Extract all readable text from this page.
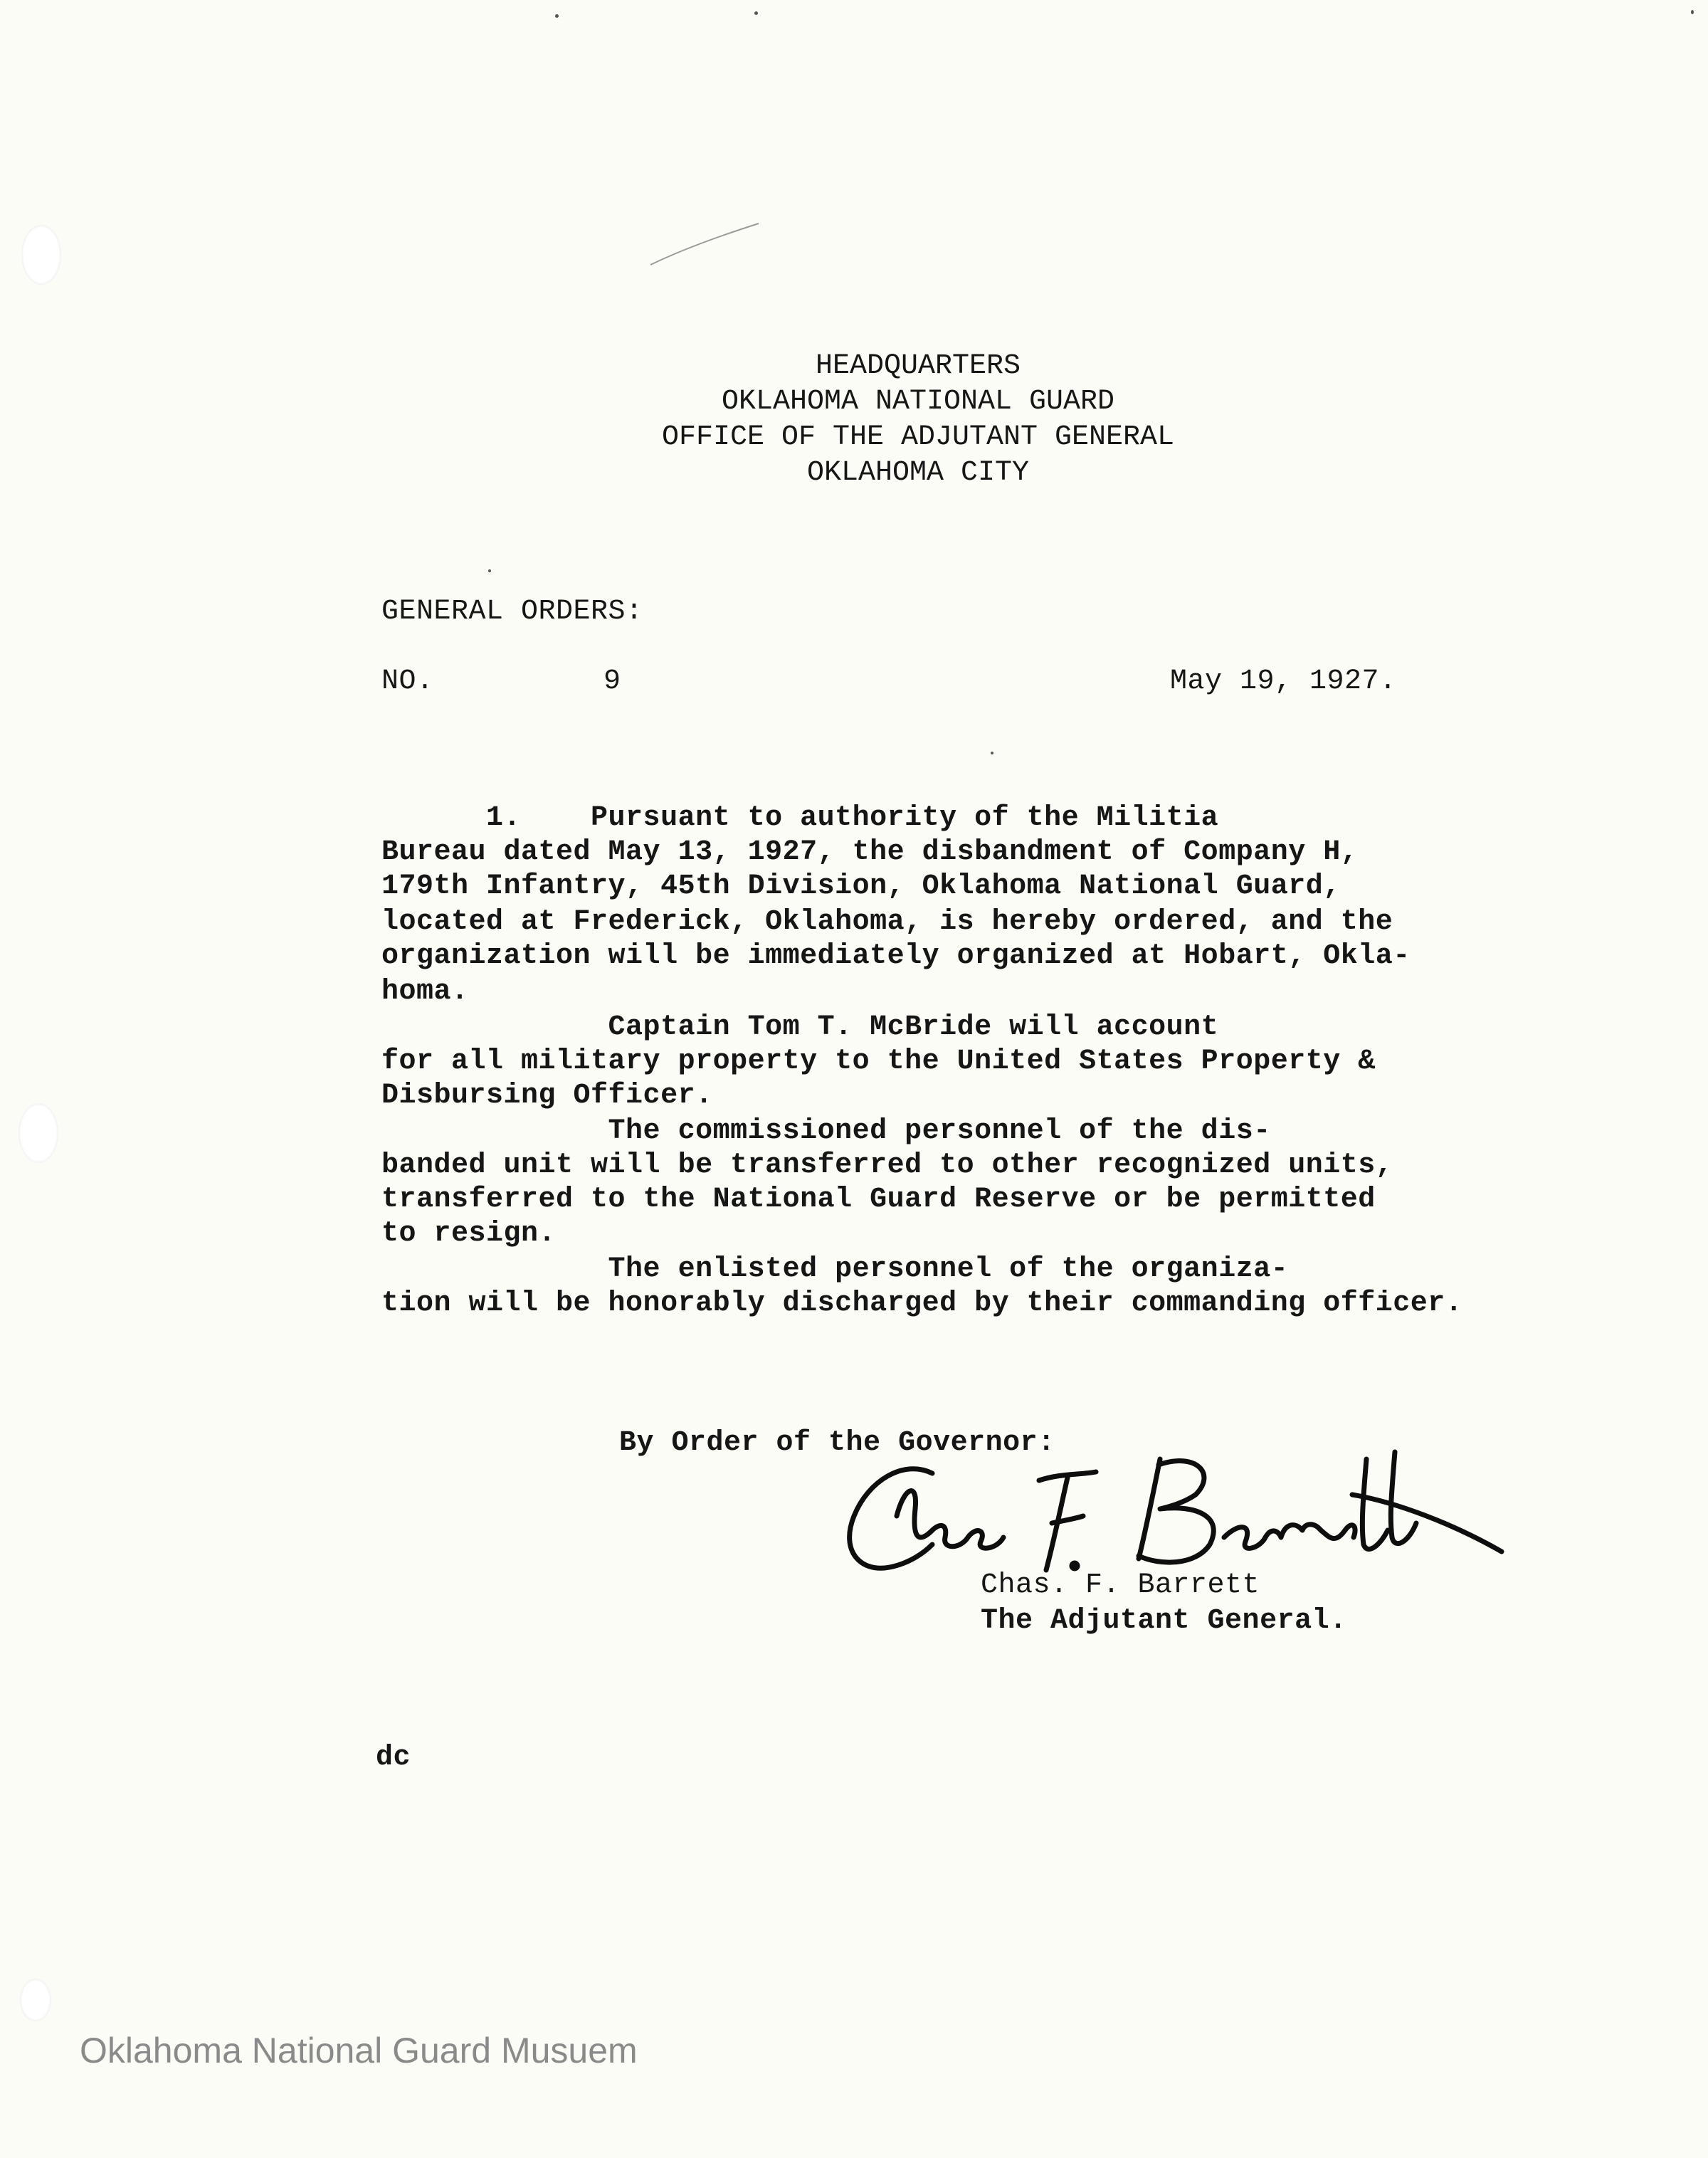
HEADQUARTERS
OKLAHOMA NATIONAL GUARD
OFFICE OF THE ADJUTANT GENERAL
OKLAHOMA CITY
GENERAL ORDERS:
NO.	9	May 19, 1927.
1.    Pursuant to authority of the Militia
Bureau dated May 13, 1927, the disbandment of Company H,
179th Infantry, 45th Division, Oklahoma National Guard,
located at Frederick, Oklahoma, is hereby ordered, and the
organization will be immediately organized at Hobart, Okla-
homa.
Captain Tom T. McBride will account
for all military property to the United States Property &
Disbursing Officer.
The commissioned personnel of the dis-
banded unit will be transferred to other recognized units,
transferred to the National Guard Reserve or be permitted
to resign.
The enlisted personnel of the organiza-
tion will be honorably discharged by their commanding officer.
By Order of the Governor:
Chas. F. Barrett
The Adjutant General.
dc
Oklahoma National Guard Musuem
